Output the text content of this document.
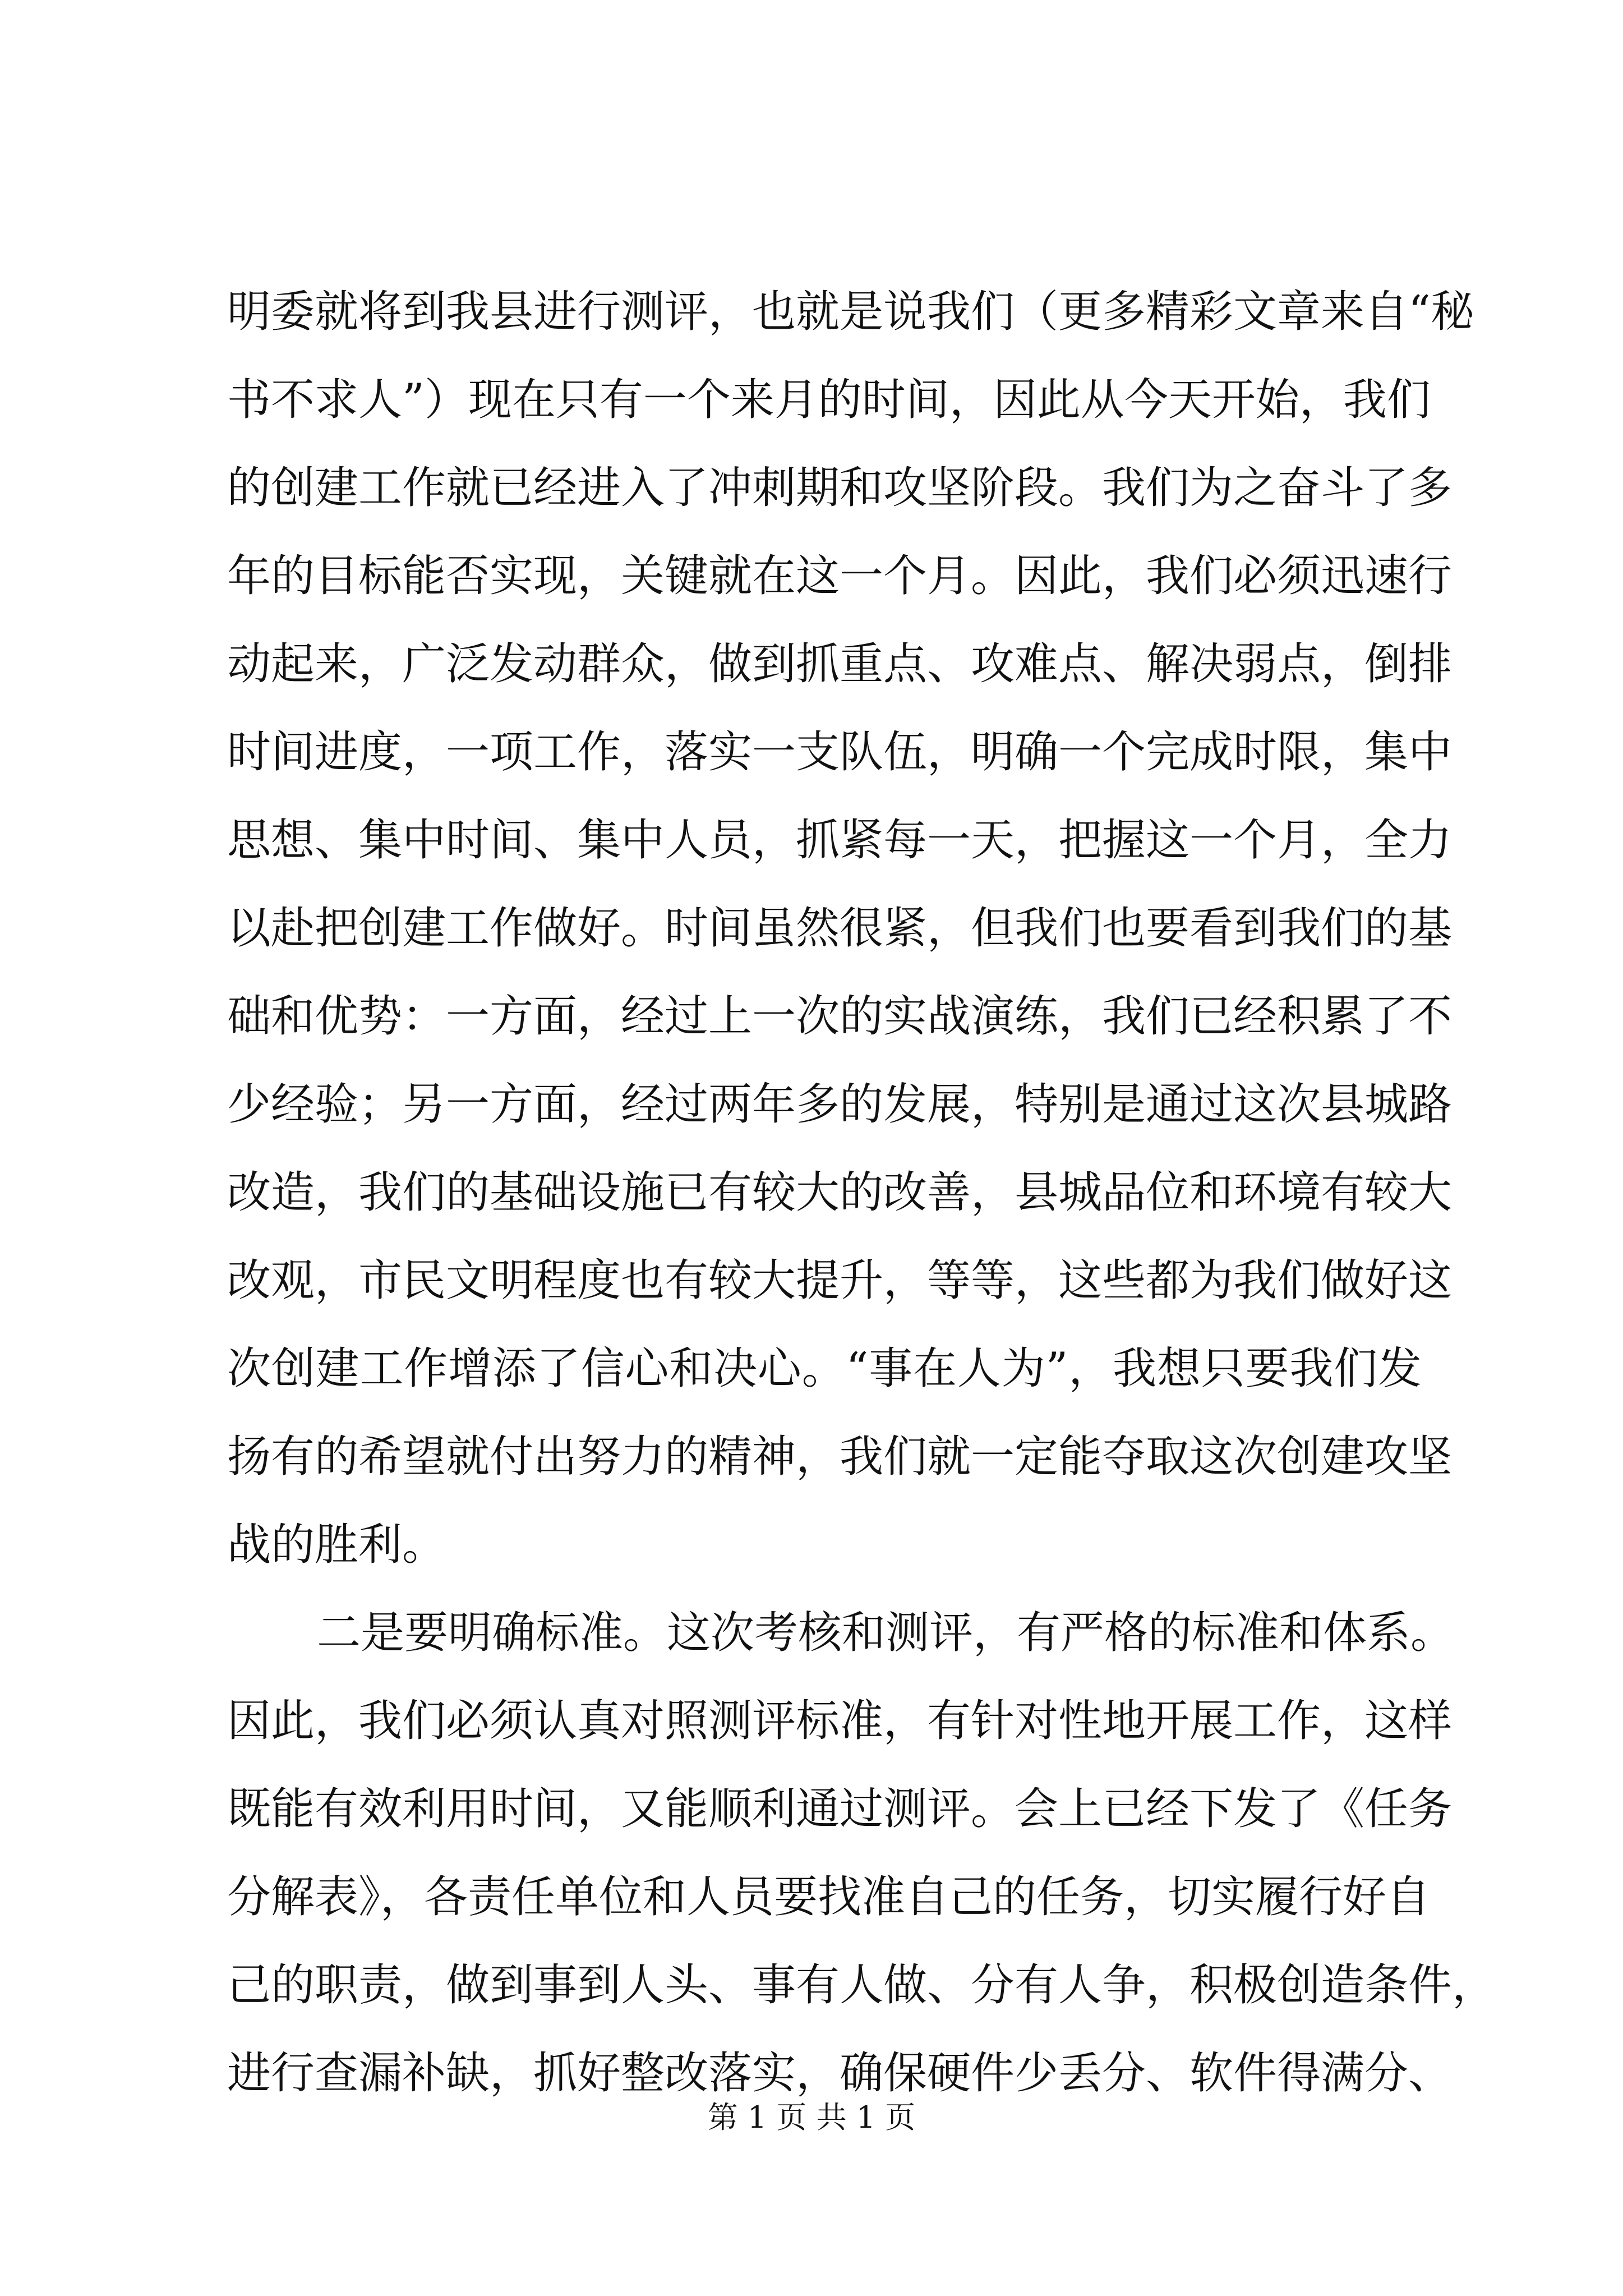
明委就将到我县进行测评，也就是说我们（更多精彩文章来自“秘
书不求人”）现在只有一个来月的时间，因此从今天开始，我们
的创建工作就已经进入了冲刺期和攻坚阶段。我们为之奋斗了多
年的目标能否实现，关键就在这一个月。因此，我们必须迅速行
动起来，广泛发动群众，做到抓重点、攻难点、解决弱点，倒排
时间进度，一项工作，落实一支队伍，明确一个完成时限，集中
思想、集中时间、集中人员，抓紧每一天，把握这一个月，全力
以赴把创建工作做好。时间虽然很紧，但我们也要看到我们的基
础和优势：一方面，经过上一次的实战演练，我们已经积累了不
少经验；另一方面，经过两年多的发展，特别是通过这次县城路
改造，我们的基础设施已有较大的改善，县城品位和环境有较大
改观，市民文明程度也有较大提升，等等，这些都为我们做好这
次创建工作增添了信心和决心。“事在人为”，我想只要我们发
扬有的希望就付出努力的精神，我们就一定能夺取这次创建攻坚
战的胜利。
二是要明确标准。这次考核和测评，有严格的标准和体系。
因此，我们必须认真对照测评标准，有针对性地开展工作，这样
既能有效利用时间，又能顺利通过测评。会上已经下发了《任务
分解表》，各责任单位和人员要找准自己的任务，切实履行好自
己的职责，做到事到人头、事有人做、分有人争，积极创造条件，
进行查漏补缺，抓好整改落实，确保硬件少丢分、软件得满分、
第 1 页 共 1 页
